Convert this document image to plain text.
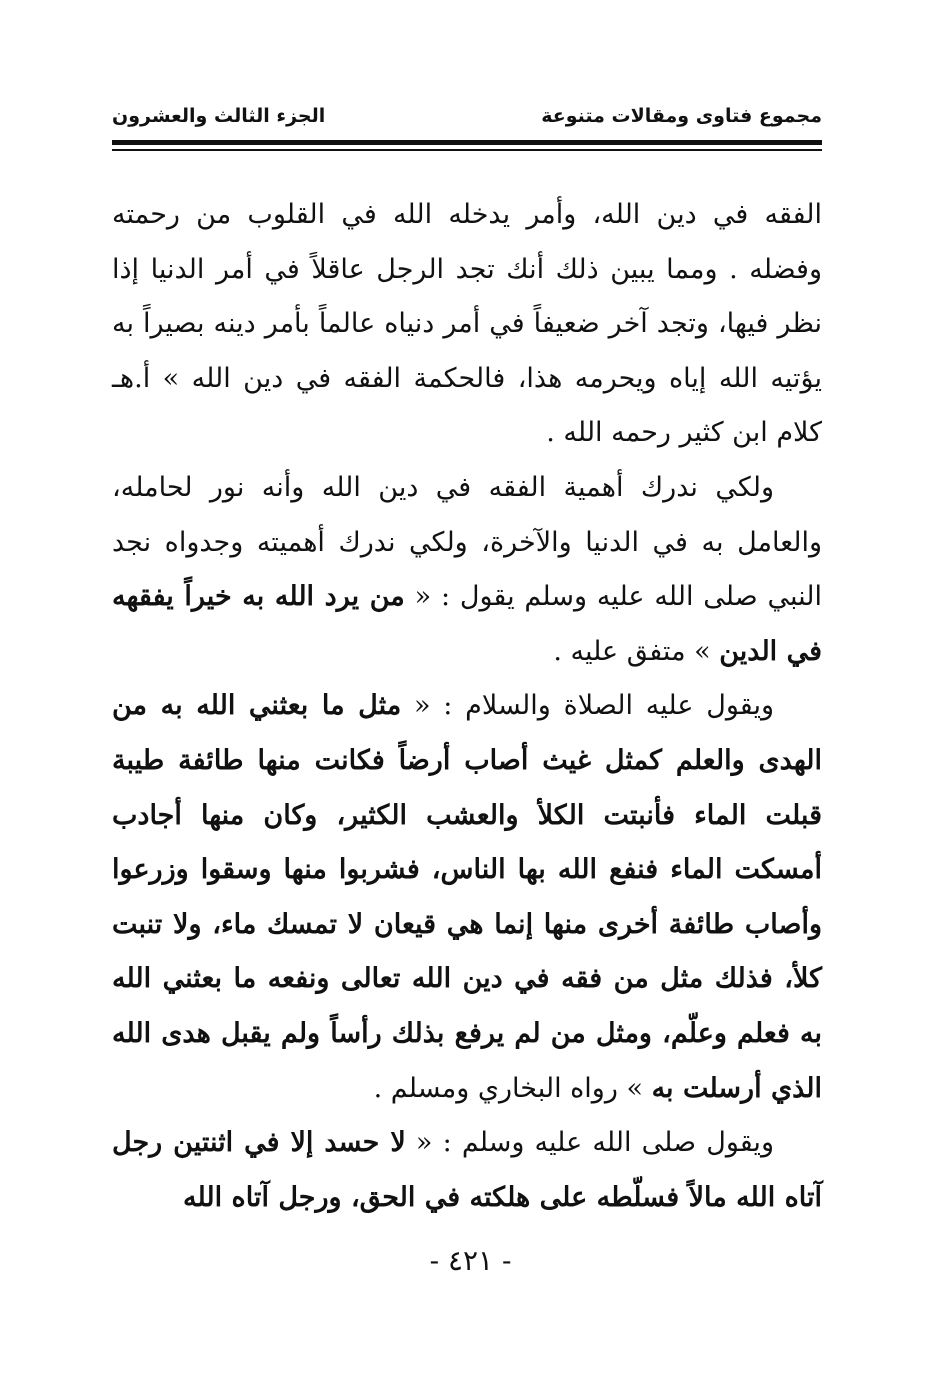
مجموع فتاوى ومقالات متنوعة
الجزء الثالث والعشرون

الفقه في دين الله، وأمر يدخله الله في القلوب من رحمته وفضله . ومما يبين ذلك أنك تجد الرجل عاقلاً في أمر الدنيا إذا نظر فيها، وتجد آخر ضعيفاً في أمر دنياه عالماً بأمر دينه بصيراً به يؤتيه الله إياه ويحرمه هذا، فالحكمة الفقه في دين الله » أ.هـ كلام ابن كثير رحمه الله .

ولكي ندرك أهمية الفقه في دين الله وأنه نور لحامله، والعامل به في الدنيا والآخرة، ولكي ندرك أهميته وجدواه نجد النبي صلى الله عليه وسلم يقول : « من يرد الله به خيراً يفقهه في الدين » متفق عليه .

ويقول عليه الصلاة والسلام : « مثل ما بعثني الله به من الهدى والعلم كمثل غيث أصاب أرضاً فكانت منها طائفة طيبة قبلت الماء فأنبتت الكلأ والعشب الكثير، وكان منها أجادب أمسكت الماء فنفع الله بها الناس، فشربوا منها وسقوا وزرعوا وأصاب طائفة أخرى منها إنما هي قيعان لا تمسك ماء، ولا تنبت كلأ، فذلك مثل من فقه في دين الله تعالى ونفعه ما بعثني الله به فعلم وعلّم، ومثل من لم يرفع بذلك رأساً ولم يقبل هدى الله الذي أرسلت به » رواه البخاري ومسلم .

ويقول صلى الله عليه وسلم : « لا حسد إلا في اثنتين رجل آتاه الله مالاً فسلّطه على هلكته في الحق، ورجل آتاه الله

- ٤٢١ -
